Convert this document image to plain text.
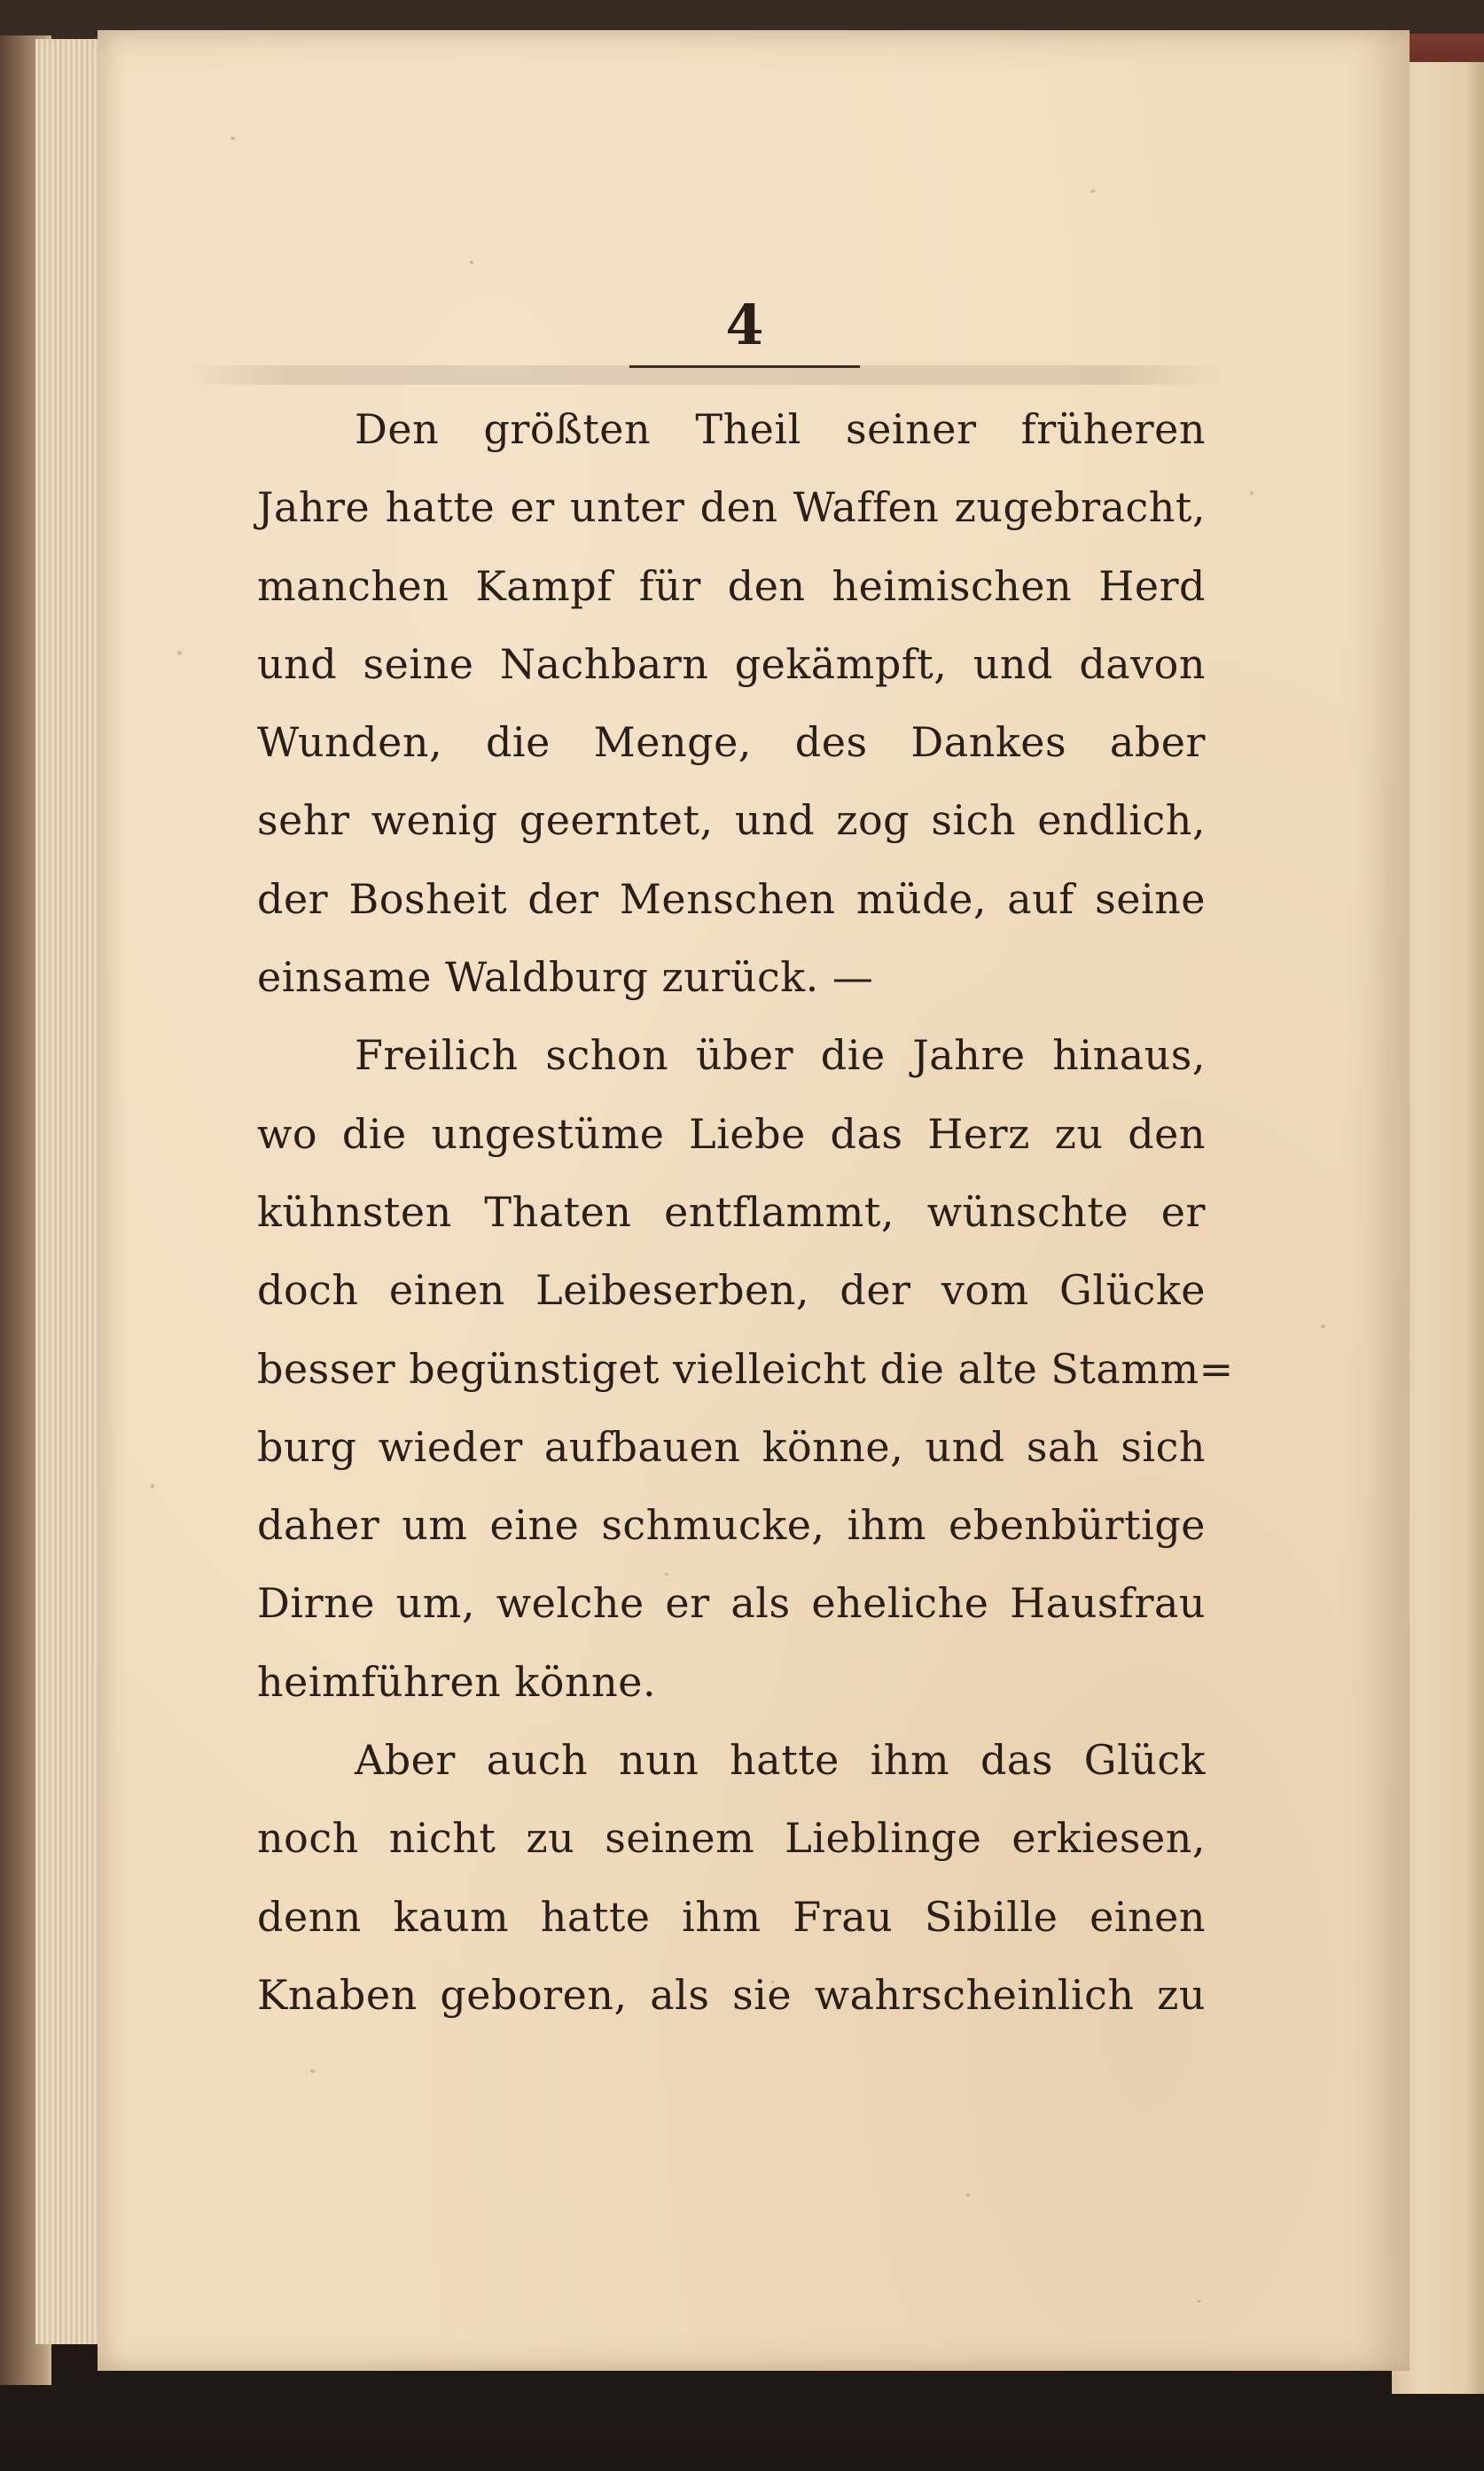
4
Den größten Theil seiner früheren
Jahre hatte er unter den Waffen zugebracht,
manchen Kampf für den heimischen Herd
und seine Nachbarn gekämpft, und davon
Wunden, die Menge, des Dankes aber
sehr wenig geerntet, und zog sich endlich,
der Bosheit der Menschen müde, auf seine
einsame Waldburg zurück. —
Freilich schon über die Jahre hinaus,
wo die ungestüme Liebe das Herz zu den
kühnsten Thaten entflammt, wünschte er
doch einen Leibeserben, der vom Glücke
besser begünstiget vielleicht die alte Stamm=
burg wieder aufbauen könne, und sah sich
daher um eine schmucke, ihm ebenbürtige
Dirne um, welche er als eheliche Hausfrau
heimführen könne.
Aber auch nun hatte ihm das Glück
noch nicht zu seinem Lieblinge erkiesen,
denn kaum hatte ihm Frau Sibille einen
Knaben geboren, als sie wahrscheinlich zu
